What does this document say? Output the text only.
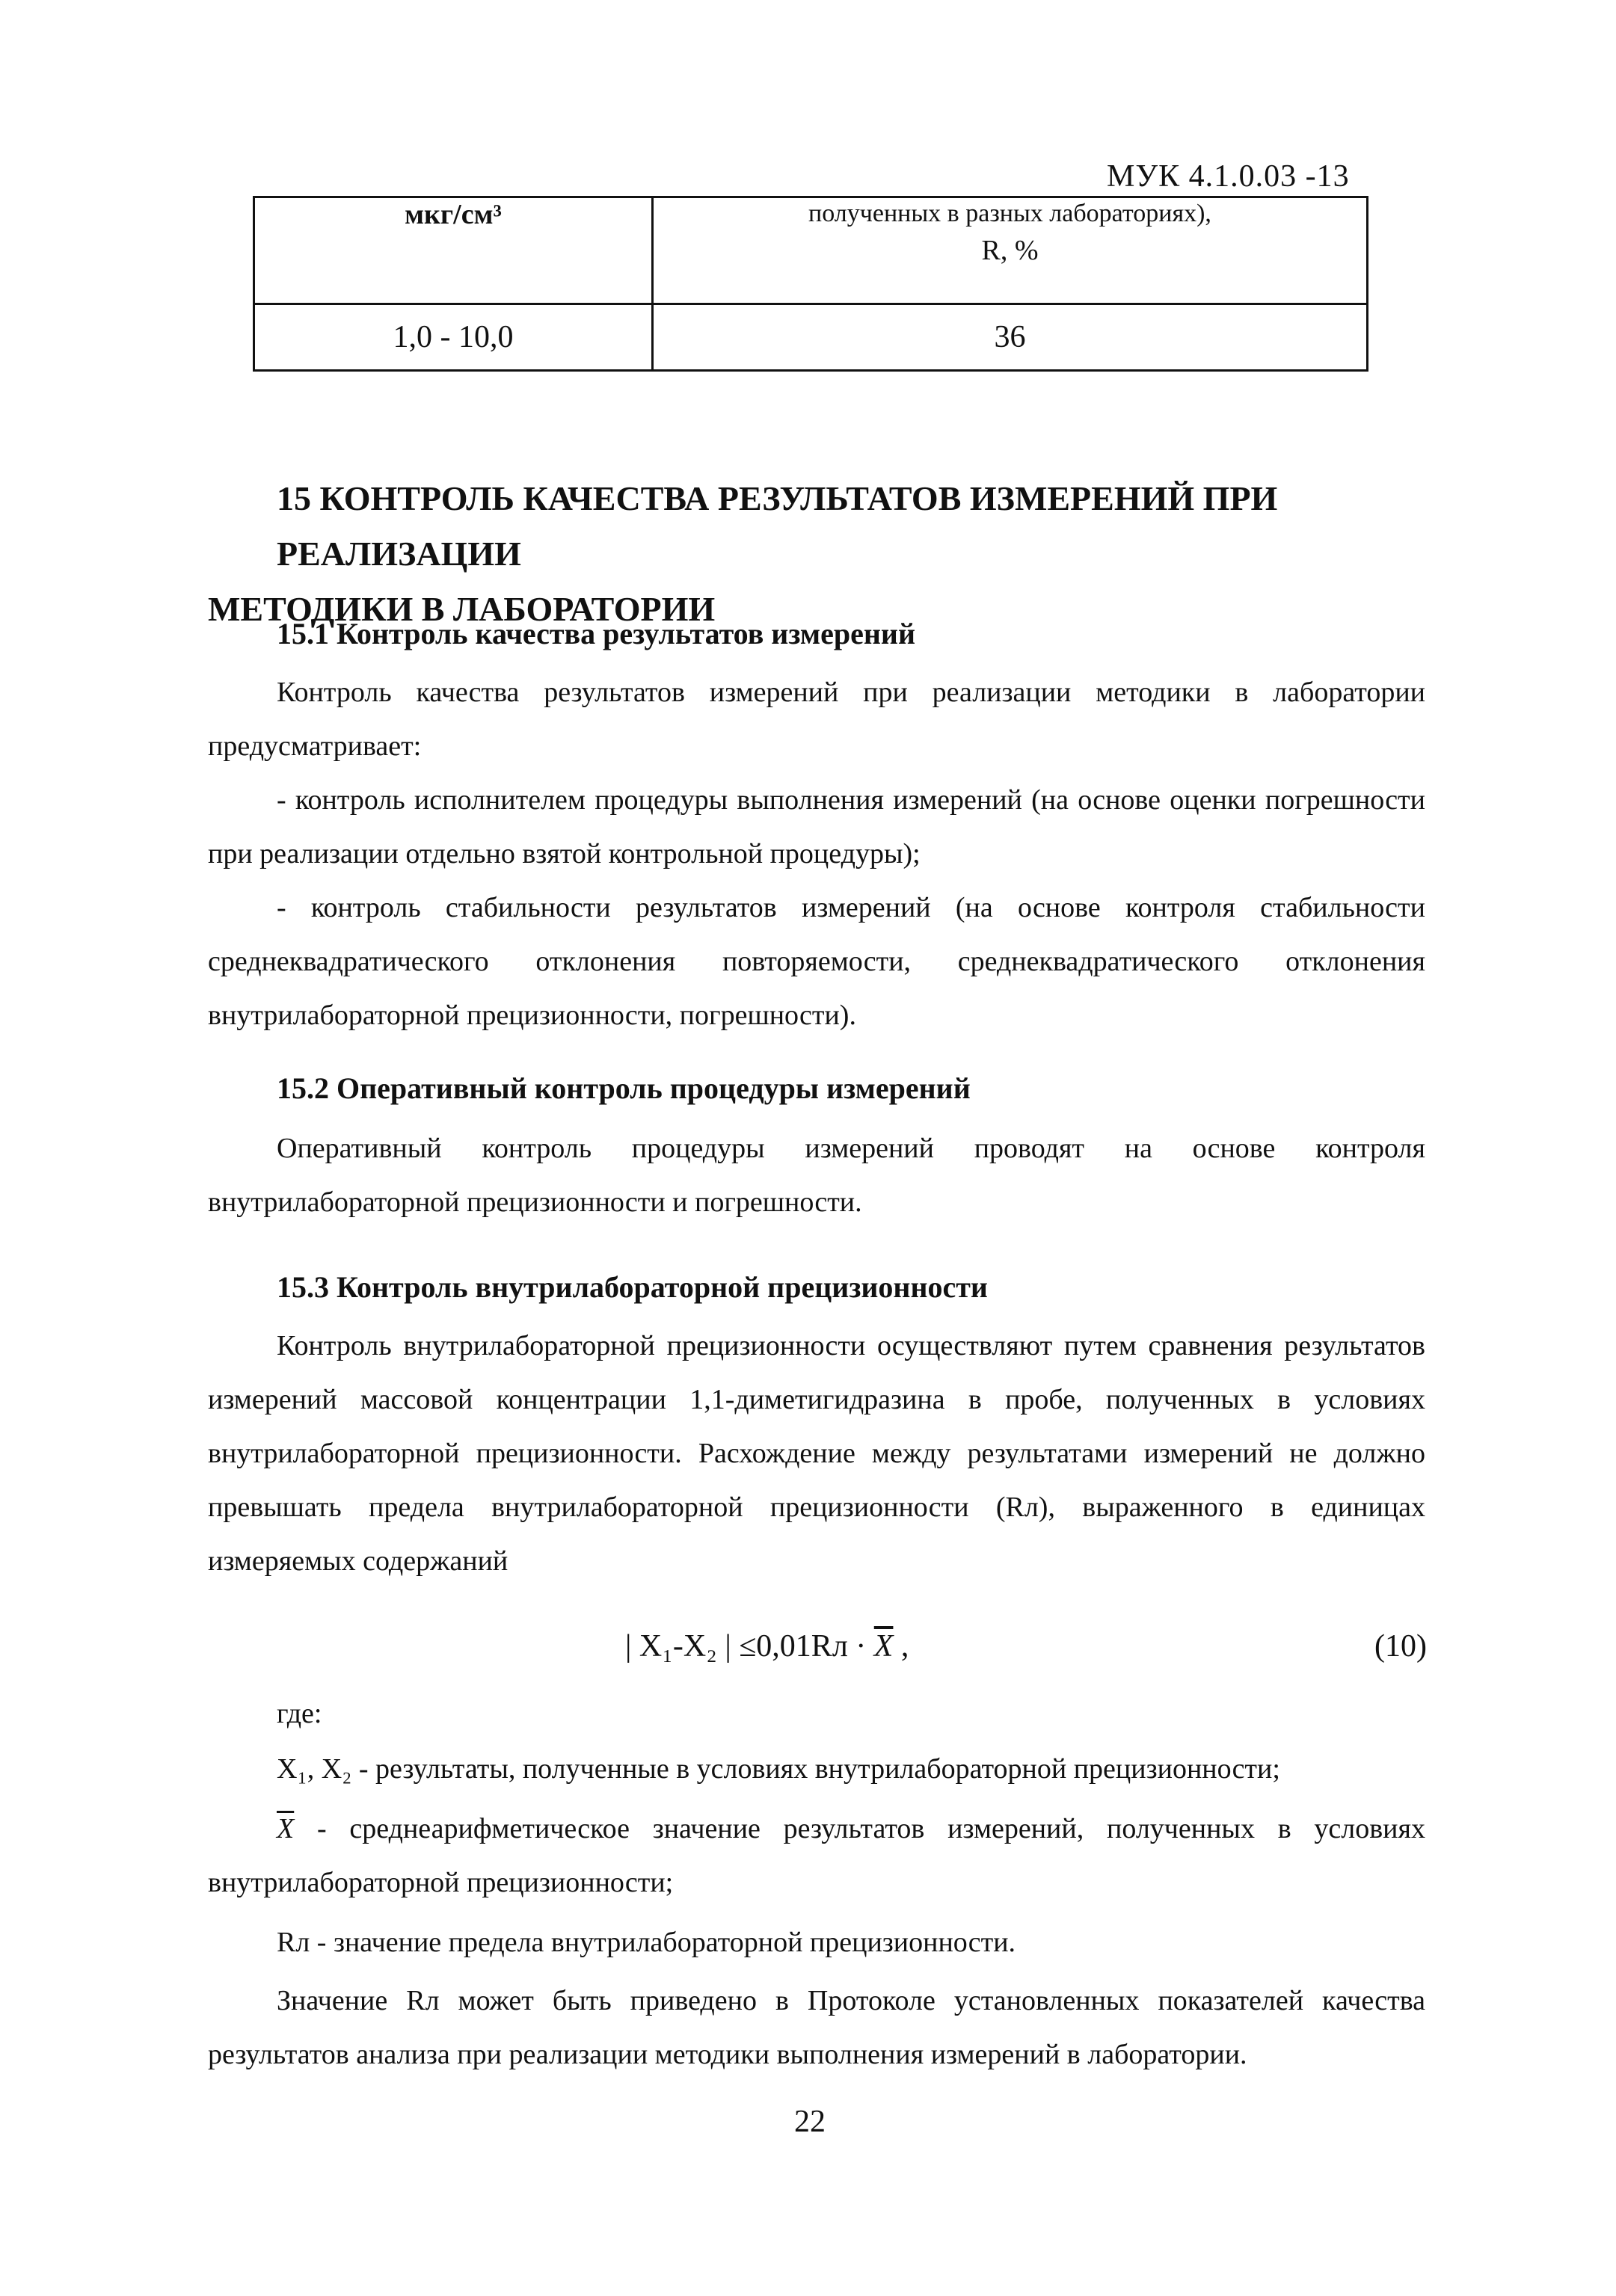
МУК 4.1.0.03 -13
мкг/см³	полученных в разных лабораториях),
R, %

1,0 - 10,0	36
15 КОНТРОЛЬ КАЧЕСТВА РЕЗУЛЬТАТОВ ИЗМЕРЕНИЙ ПРИ РЕАЛИЗАЦИИ
МЕТОДИКИ В ЛАБОРАТОРИИ
15.1 Контроль качества результатов измерений
Контроль качества результатов измерений при реализации методики в лаборатории предусматривает:
- контроль исполнителем процедуры выполнения измерений (на основе оценки погрешности при реализации отдельно взятой контрольной процедуры);
- контроль стабильности результатов измерений (на основе контроля стабильности среднеквадратического отклонения повторяемости, среднеквадратического отклонения внутрилабораторной прецизионности, погрешности).
15.2 Оперативный контроль процедуры измерений
Оперативный контроль процедуры измерений проводят на основе контроля внутрилабораторной прецизионности и погрешности.
15.3 Контроль внутрилабораторной прецизионности
Контроль внутрилабораторной прецизионности осуществляют путем сравнения результатов измерений массовой концентрации 1,1-диметигидразина в пробе, полученных в условиях внутрилабораторной прецизионности. Расхождение между результатами измерений не должно превышать предела внутрилабораторной прецизионности (Rл), выраженного в единицах измеряемых содержаний
| X₁-X₂ | $\le 0,01Rл \cdot \overline{X}$ ,	(10)
где:
X₁, X₂ - результаты, полученные в условиях внутрилабораторной прецизионности;
$\overline{X}$ - среднеарифметическое значение результатов измерений, полученных в условиях внутрилабораторной прецизионности;
Rл - значение предела внутрилабораторной прецизионности.
Значение Rл может быть приведено в Протоколе установленных показателей качества результатов анализа при реализации методики выполнения измерений в лаборатории.
22
